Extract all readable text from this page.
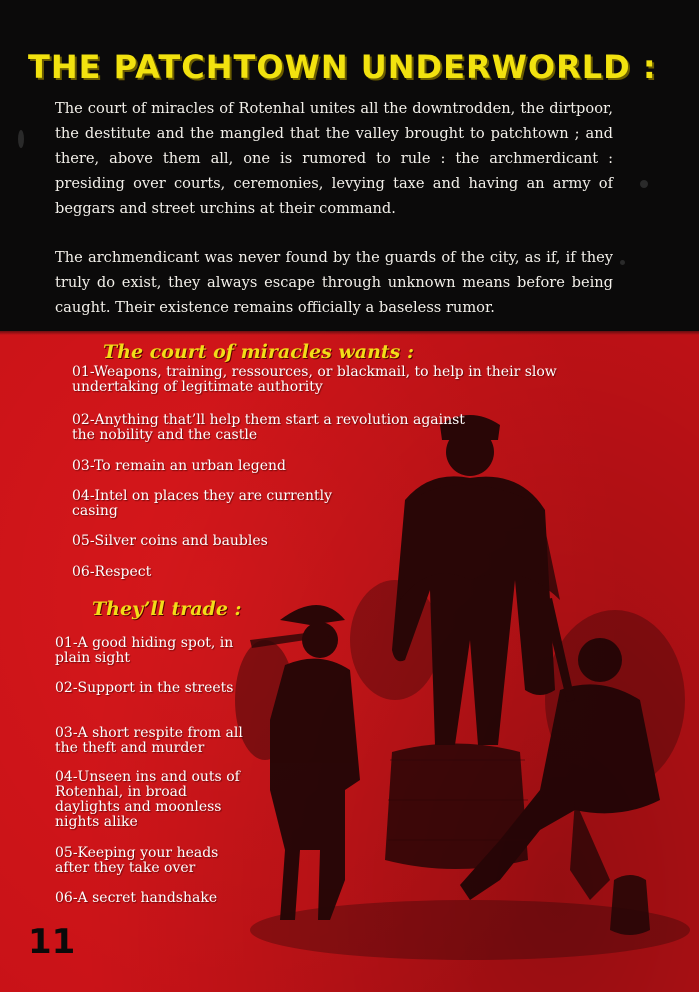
THE PATCHTOWN UNDERWORLD :

The court of miracles of Rotenhal unites all the downtrodden, the dirtpoor, the destitute and the mangled that the valley brought to patchtown ; and there, above them all, one is rumored to rule : the archmerdicant : presiding over courts, ceremonies, levying taxe and having an army of beggars and street urchins at their command.

The archmendicant was never found by the guards of the city, as if, if they truly do exist, they always escape through unknown means before being caught. Their existence remains officially a baseless rumor.

The court of miracles wants :
01-Weapons, training, ressources, or blackmail, to help in their slow undertaking of legitimate authority
02-Anything that’ll help them start a revolution against the nobility and the castle
03-To remain an urban legend
04-Intel on places they are currently casing
05-Silver coins and baubles
06-Respect
They’ll trade :
01-A good hiding spot, in plain sight
02-Support in the streets
03-A short respite from all the theft and murder
04-Unseen ins and outs of Rotenhal, in broad daylights and moonless nights alike
05-Keeping your heads after they take over
06-A secret handshake
11
